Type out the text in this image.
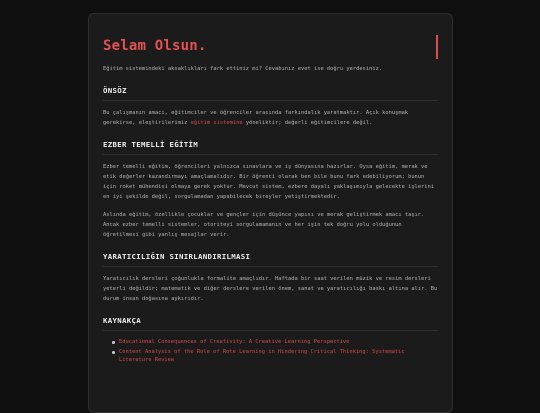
Selam Olsun.

Eğitim sistemindeki aksaklıkları fark ettiniz mi? Cevabınız evet ise doğru yerdesiniz.

ÖNSÖZ

Bu çalışmanın amacı, eğitimciler ve öğrenciler arasında farkındalık yaratmaktır. Açık konuşmak gerekirse, eleştirilerimiz eğitim sistemine yöneliktir; değerli eğitimcilere değil.

EZBER TEMELLİ EĞİTİM

Ezber temelli eğitim, öğrencileri yalnızca sınavlara ve iş dünyasına hazırlar. Oysa eğitim, merak ve etik değerler kazandırmayı amaçlamalıdır. Bir öğrenci olarak ben bile bunu fark edebiliyorum; bunun için roket mühendisi olmaya gerek yoktur. Mevcut sistem, ezbere dayalı yaklaşımıyla gelecekte işlerini en iyi şekilde değil, sorgulamadan yapabilecek bireyler yetiştirmektedir.

Aslında eğitim, özellikle çocuklar ve gençler için düşünce yapısı ve merak geliştirmek amacı taşır. Ancak ezber temelli sistemler, otoriteyi sorgulamamanın ve her işin tek doğru yolu olduğunun öğretilmesi gibi yanlış mesajlar verir.

YARATICILIĞIN SINIRLANDIRILMASI

Yaratıcılık dersleri çoğunlukla formalite amaçlıdır. Haftada bir saat verilen müzik ve resim dersleri yeterli değildir; matematik ve diğer derslere verilen önem, sanat ve yaratıcılığı baskı altına alır. Bu durum insan doğasına aykırıdır.

KAYNAKÇA
Educational Consequences of Creativity: A Creative Learning Perspective
Content Analysis of the Role of Rote Learning in Hindering Critical Thinking: Systematic Literature Review
